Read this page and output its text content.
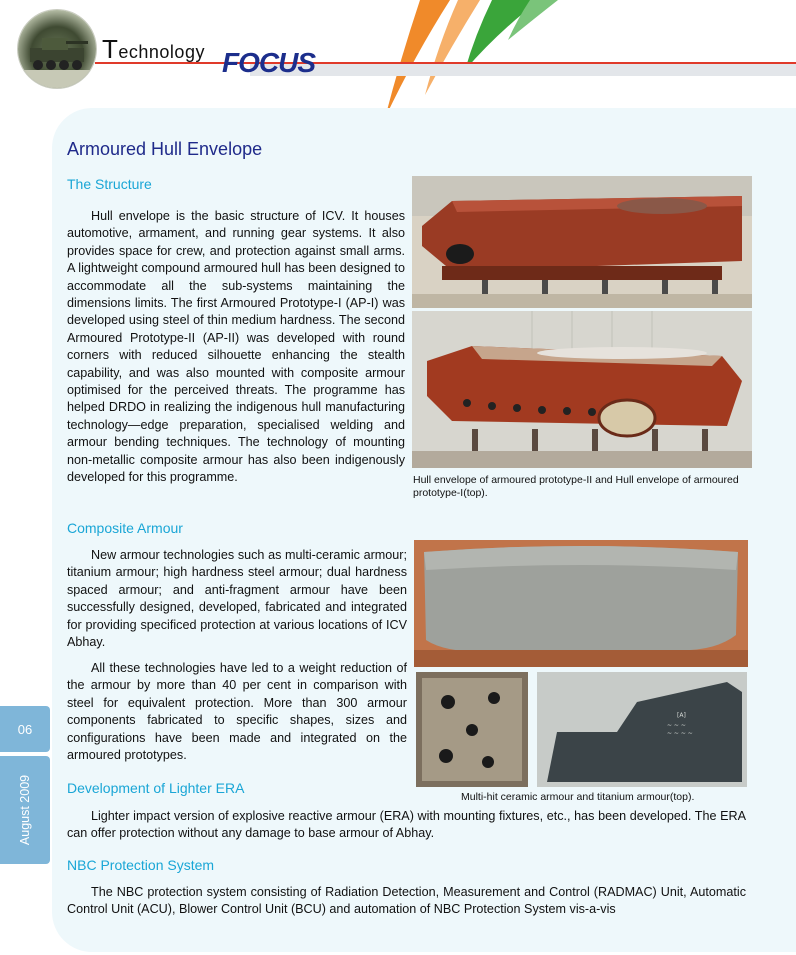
Technology FOCUS
Armoured Hull Envelope
The Structure

Hull envelope is the basic structure of ICV. It houses automotive, armament, and running gear systems. It also provides space for crew, and protection against small arms. A lightweight compound armoured hull has been designed to accommodate all the sub-systems maintaining the dimensions limits. The first Armoured Prototype-I (AP-I) was developed using steel of thin medium hardness. The second Armoured Prototype-II (AP-II) was developed with round corners with reduced silhouette enhancing the stealth capability, and was also mounted with composite armour optimised for the perceived threats. The programme has helped DRDO in realizing the indigenous hull manufacturing technology—edge preparation, specialised welding and armour bending techniques. The technology of mounting non-metallic composite armour has also been indigenously developed for this programme.	Hull envelope of armoured prototype-II and Hull envelope of armoured prototype-I(top).

Composite Armour

New armour technologies such as multi-ceramic armour; titanium armour; high hardness steel armour; dual hardness spaced armour; and anti-fragment armour have been successfully designed, developed, fabricated and integrated for providing specificed protection at various locations of ICV Abhay.

All these technologies have led to a weight reduction of the armour by more than 40 per cent in comparison with steel for equivalent protection. More than 300 armour components fabricated to specific shapes, sizes and configurations have been made and integrated on the armoured prototypes.

[A]
~ ~ ~
~ ~ ~ ~
Development of Lighter ERA

Multi-hit ceramic armour and titanium armour(top).

Lighter impact version of explosive reactive armour (ERA) with mounting fixtures, etc., has been developed. The ERA can offer protection without any damage to base armour of Abhay.

NBC Protection System

The NBC protection system consisting of Radiation Detection, Measurement and Control (RADMAC) Unit, Automatic Control Unit (ACU), Blower Control Unit (BCU) and automation of NBC Protection System vis-a-vis

06
August 2009
